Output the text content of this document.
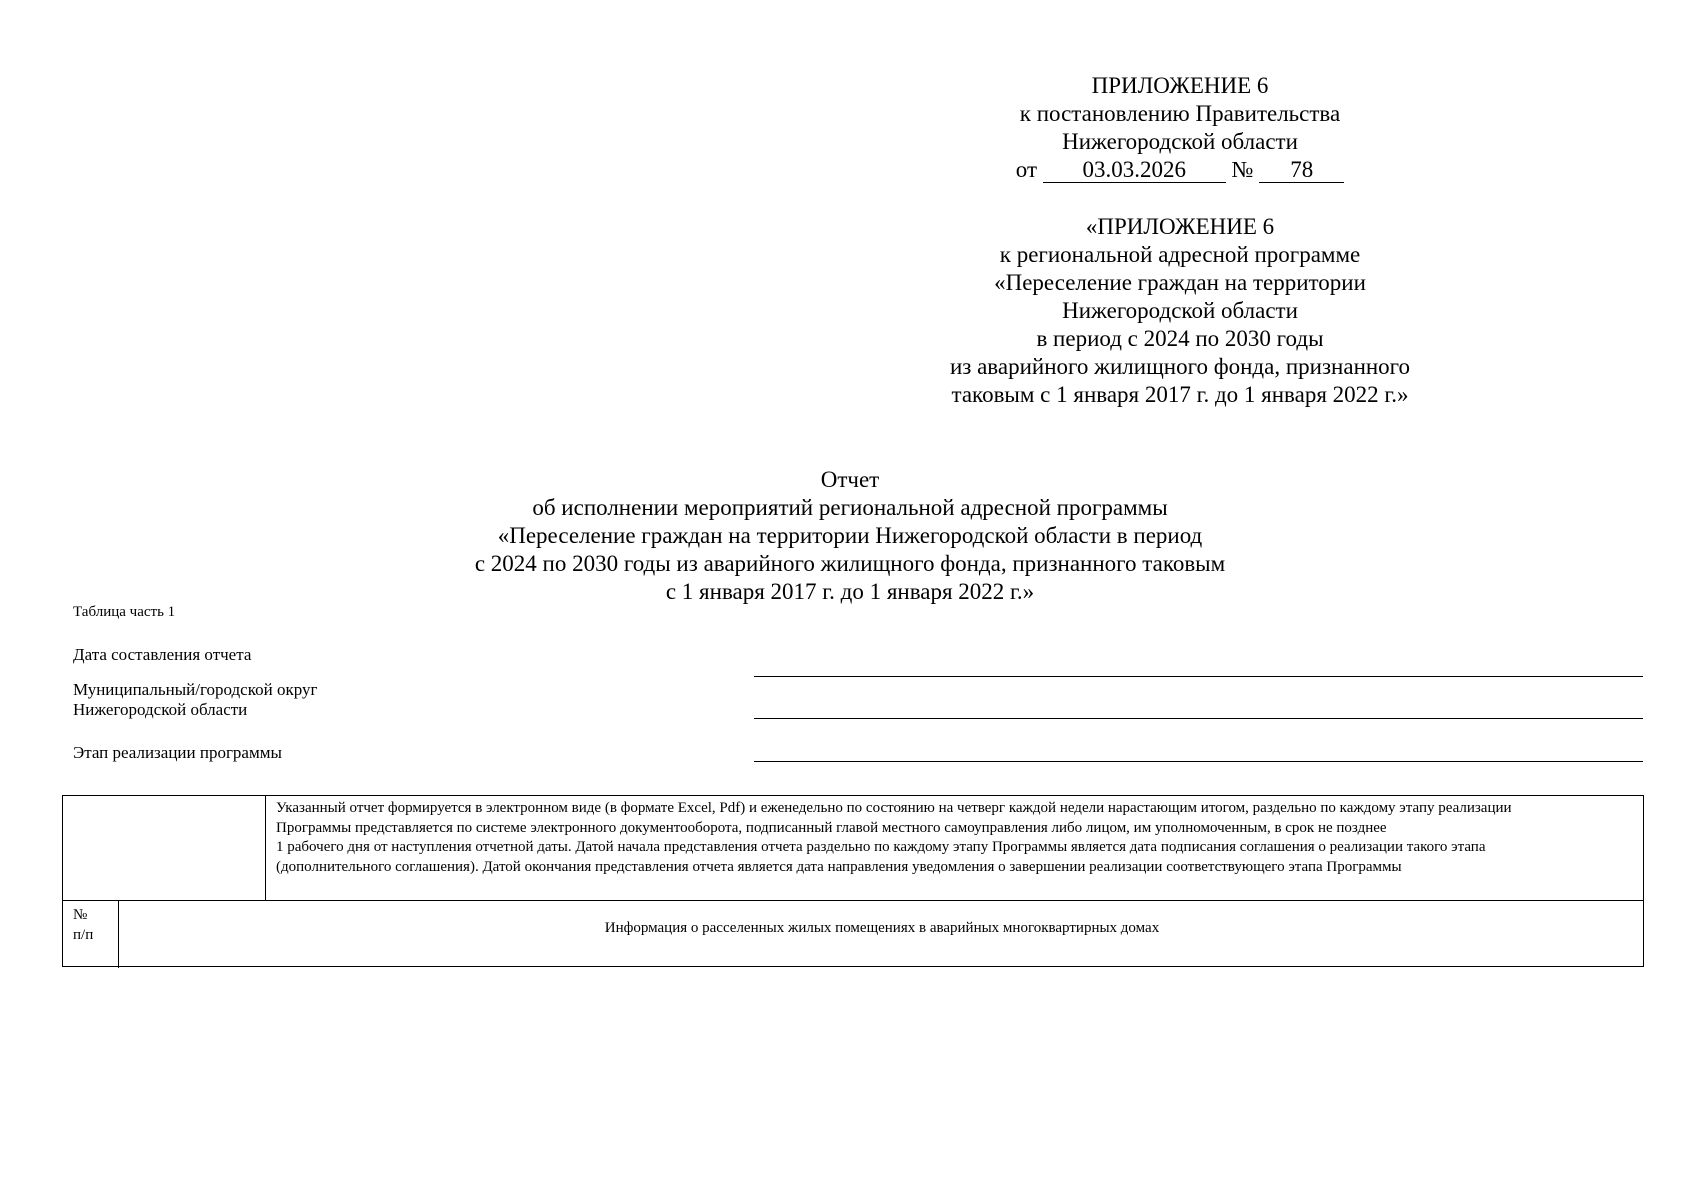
ПРИЛОЖЕНИЕ 6
к постановлению Правительства
Нижегородской области
от 03.03.2026 № 78
«ПРИЛОЖЕНИЕ 6
к региональной адресной программе
«Переселение граждан на территории
Нижегородской области
в период с 2024 по 2030 годы
из аварийного жилищного фонда, признанного
таковым с 1 января 2017 г. до 1 января 2022 г.»
Отчет
об исполнении мероприятий региональной адресной программы
«Переселение граждан на территории Нижегородской области в период
с 2024 по 2030 годы из аварийного жилищного фонда, признанного таковым
с 1 января 2017 г. до 1 января 2022 г.»
Таблица часть 1
Дата составления отчета
Муниципальный/городской округ
Нижегородской области
Этап реализации программы
Указанный отчет формируется в электронном виде (в формате Excel, Pdf) и еженедельно по состоянию на четверг каждой недели нарастающим итогом, раздельно по каждому этапу реализации
Программы представляется по системе электронного документооборота, подписанный главой местного самоуправления либо лицом, им уполномоченным, в срок не позднее
1 рабочего дня от наступления отчетной даты. Датой начала представления отчета раздельно по каждому этапу Программы является дата подписания соглашения о реализации такого этапа
(дополнительного соглашения). Датой окончания представления отчета является дата направления уведомления о завершении реализации соответствующего этапа Программы
№
п/п	Информация о расселенных жилых помещениях в аварийных многоквартирных домах
